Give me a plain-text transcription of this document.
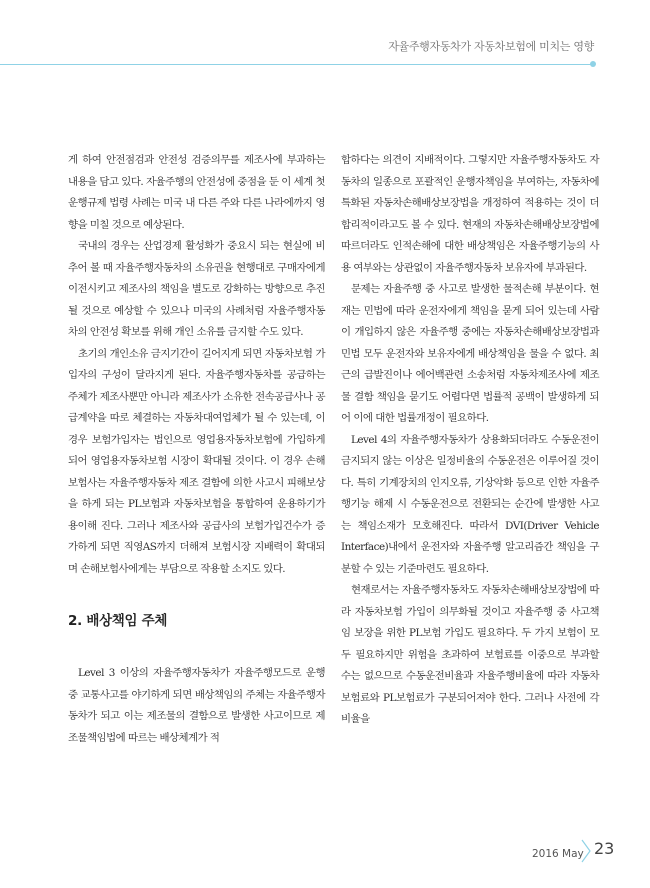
자율주행자동차가 자동차보험에 미치는 영향

게 하여 안전점검과 안전성 검증의무를 제조사에 부과하는 내용을 담고 있다. 자율주행의 안전성에 중점을 둔 이 세계 첫 운행규제 법령 사례는 미국 내 다른 주와 다른 나라에까지 영향을 미칠 것으로 예상된다.

국내의 경우는 산업경제 활성화가 중요시 되는 현실에 비추어 볼 때 자율주행자동차의 소유권을 현행대로 구매자에게 이전시키고 제조사의 책임을 별도로 강화하는 방향으로 추진될 것으로 예상할 수 있으나 미국의 사례처럼 자율주행자동차의 안전성 확보를 위해 개인 소유를 금지할 수도 있다.

초기의 개인소유 금지기간이 길어지게 되면 자동차보험 가입자의 구성이 달라지게 된다. 자율주행자동차를 공급하는 주체가 제조사뿐만 아니라 제조사가 소유한 전속공급사나 공급계약을 따로 체결하는 자동차대여업체가 될 수 있는데, 이 경우 보험가입자는 법인으로 영업용자동차보험에 가입하게 되어 영업용자동차보험 시장이 확대될 것이다. 이 경우 손해보험사는 자율주행자동차 제조 결함에 의한 사고시 피해보상을 하게 되는 PL보험과 자동차보험을 통합하여 운용하기가 용이해 진다. 그러나 제조사와 공급사의 보험가입건수가 증가하게 되면 직영AS까지 더해져 보험시장 지배력이 확대되며 손해보험사에게는 부담으로 작용할 소지도 있다.

2. 배상책임 주체

Level 3 이상의 자율주행자동차가 자율주행모드로 운행 중 교통사고를 야기하게 되면 배상책임의 주체는 자율주행자동차가 되고 이는 제조물의 결함으로 발생한 사고이므로 제조물책임법에 따르는 배상체계가 적

합하다는 의견이 지배적이다. 그렇지만 자율주행자동차도 자동차의 일종으로 포괄적인 운행자책임을 부여하는, 자동차에 특화된 자동차손해배상보장법을 개정하여 적용하는 것이 더 합리적이라고도 볼 수 있다. 현재의 자동차손해배상보장법에 따르더라도 인적손해에 대한 배상책임은 자율주행기능의 사용 여부와는 상관없이 자율주행자동차 보유자에 부과된다.

문제는 자율주행 중 사고로 발생한 물적손해 부분이다. 현재는 민법에 따라 운전자에게 책임을 묻게 되어 있는데 사람이 개입하지 않은 자율주행 중에는 자동차손해배상보장법과 민법 모두 운전자와 보유자에게 배상책임을 물을 수 없다. 최근의 급발진이나 에어백관련 소송처럼 자동차제조사에 제조물 결함 책임을 묻기도 어렵다면 법률적 공백이 발생하게 되어 이에 대한 법률개정이 필요하다.

Level 4의 자율주행자동차가 상용화되더라도 수동운전이 금지되지 않는 이상은 일정비율의 수동운전은 이루어질 것이다. 특히 기계장치의 인지오류, 기상악화 등으로 인한 자율주행기능 해제 시 수동운전으로 전환되는 순간에 발생한 사고는 책임소재가 모호해진다. 따라서 DVI(Driver Vehicle Interface)내에서 운전자와 자율주행 알고리즘간 책임을 구분할 수 있는 기준마련도 필요하다.

현재로서는 자율주행자동차도 자동차손해배상보장법에 따라 자동차보험 가입이 의무화될 것이고 자율주행 중 사고책임 보장을 위한 PL보험 가입도 필요하다. 두 가지 보험이 모두 필요하지만 위험을 초과하여 보험료를 이중으로 부과할 수는 없으므로 수동운전비율과 자율주행비율에 따라 자동차보험료와 PL보험료가 구분되어져야 한다. 그러나 사전에 각 비율을

2016 May 23
